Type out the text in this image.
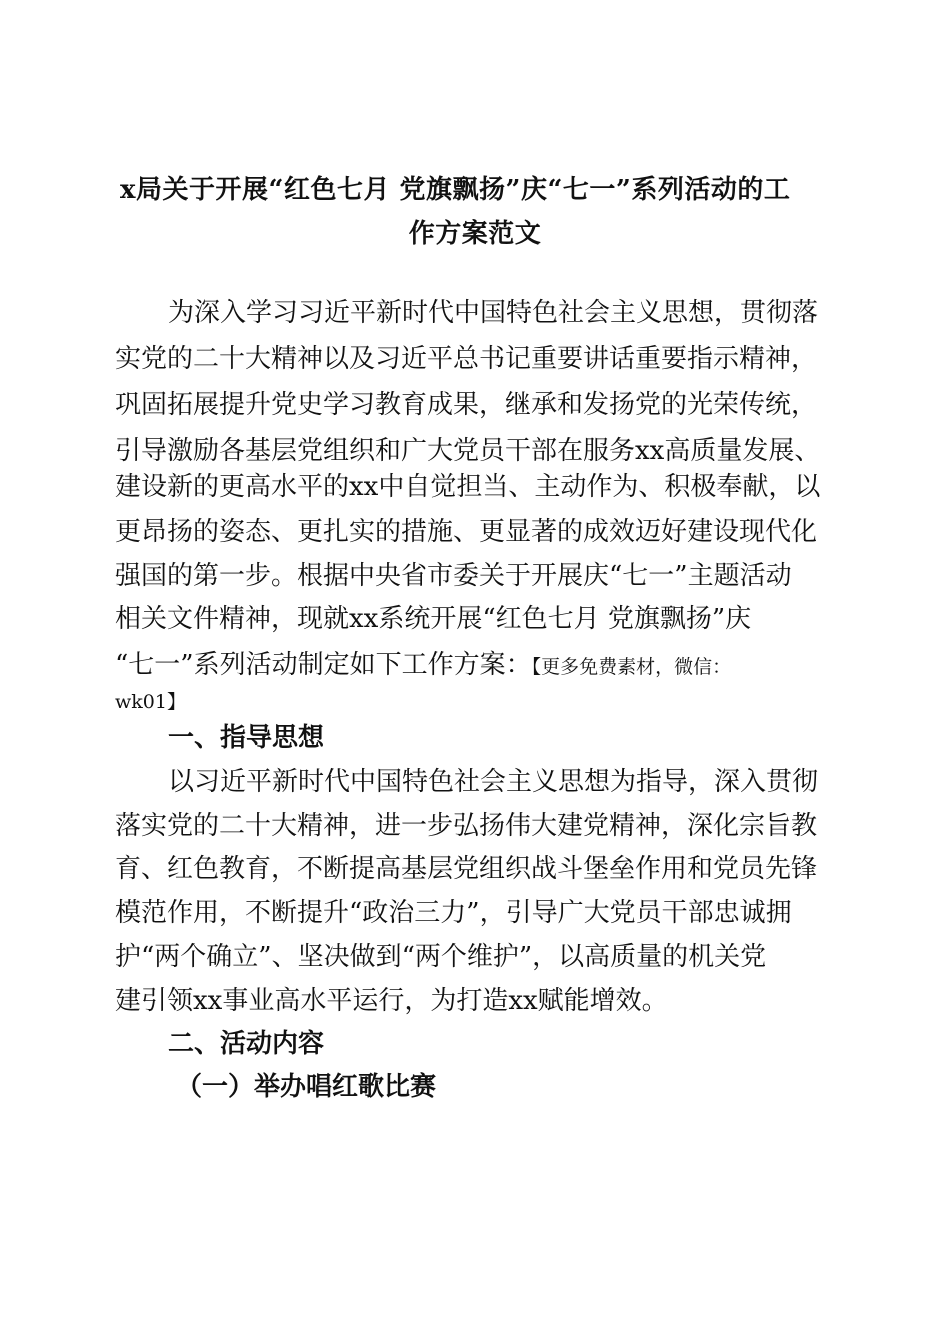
x局关于开展“红色七月 党旗飘扬”庆“七一”系列活动的工
作方案范文
为深入学习习近平新时代中国特色社会主义思想，贯彻落
实党的二十大精神以及习近平总书记重要讲话重要指示精神，
巩固拓展提升党史学习教育成果，继承和发扬党的光荣传统，
引导激励各基层党组织和广大党员干部在服务xx高质量发展、
建设新的更高水平的xx中自觉担当、主动作为、积极奉献，以
更昂扬的姿态、更扎实的措施、更显著的成效迈好建设现代化
强国的第一步。根据中央省市委关于开展庆“七一”主题活动
相关文件精神，现就xx系统开展“红色七月 党旗飘扬”庆
“七一”系列活动制定如下工作方案：【更多免费素材，微信：
wk01】
一、指导思想
以习近平新时代中国特色社会主义思想为指导，深入贯彻
落实党的二十大精神，进一步弘扬伟大建党精神，深化宗旨教
育、红色教育，不断提高基层党组织战斗堡垒作用和党员先锋
模范作用，不断提升“政治三力”，引导广大党员干部忠诚拥
护“两个确立”、坚决做到“两个维护”，以高质量的机关党
建引领xx事业高水平运行，为打造xx赋能增效。
二、活动内容
（一）举办唱红歌比赛
